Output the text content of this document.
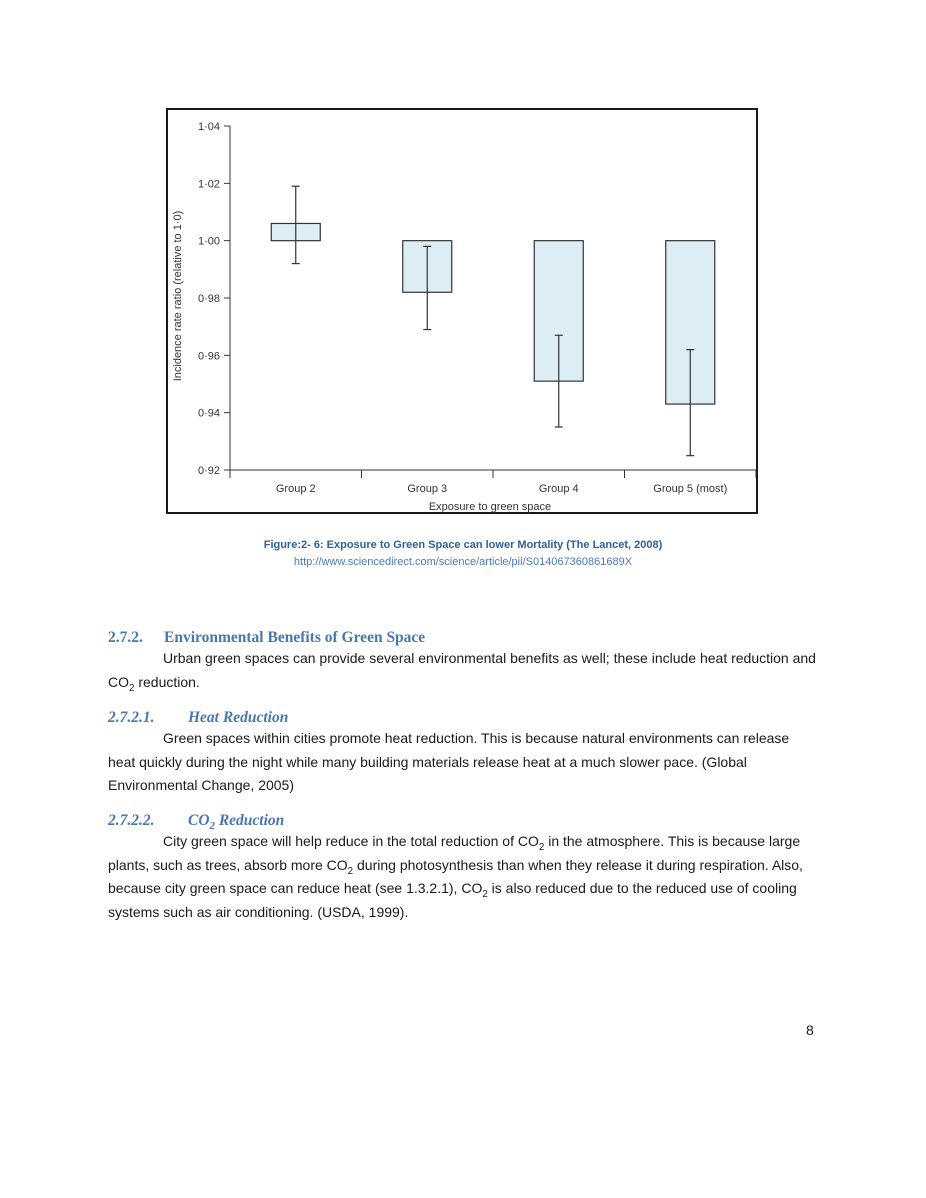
1·04
1·02
1·00
0·98
0·96
0·94
0·92
Group 2	Group 3	Group 4	Group 5 (most)
Incidence rate ratio (relative to 1·0)
Exposure to green space
Figure:2- 6: Exposure to Green Space can lower Mortality (The Lancet, 2008) http://www.sciencedirect.com/science/article/pii/S014067360861689X
2.7.2. Environmental Benefits of Green Space

Urban green spaces can provide several environmental benefits as well; these include heat reduction and $CO_2$ reduction.

2.7.2.1. Heat Reduction

Green spaces within cities promote heat reduction. This is because natural environments can release heat quickly during the night while many building materials release heat at a much slower pace. (Global Environmental Change, 2005)

2.7.2.2. $CO_2$ Reduction

City green space will help reduce in the total reduction of $CO_2$ in the atmosphere. This is because large plants, such as trees, absorb more $CO_2$ during photosynthesis than when they release it during respiration. Also, because city green space can reduce heat (see 1.3.2.1), $CO_2$ is also reduced due to the reduced use of cooling systems such as air conditioning. (USDA, 1999).

8
